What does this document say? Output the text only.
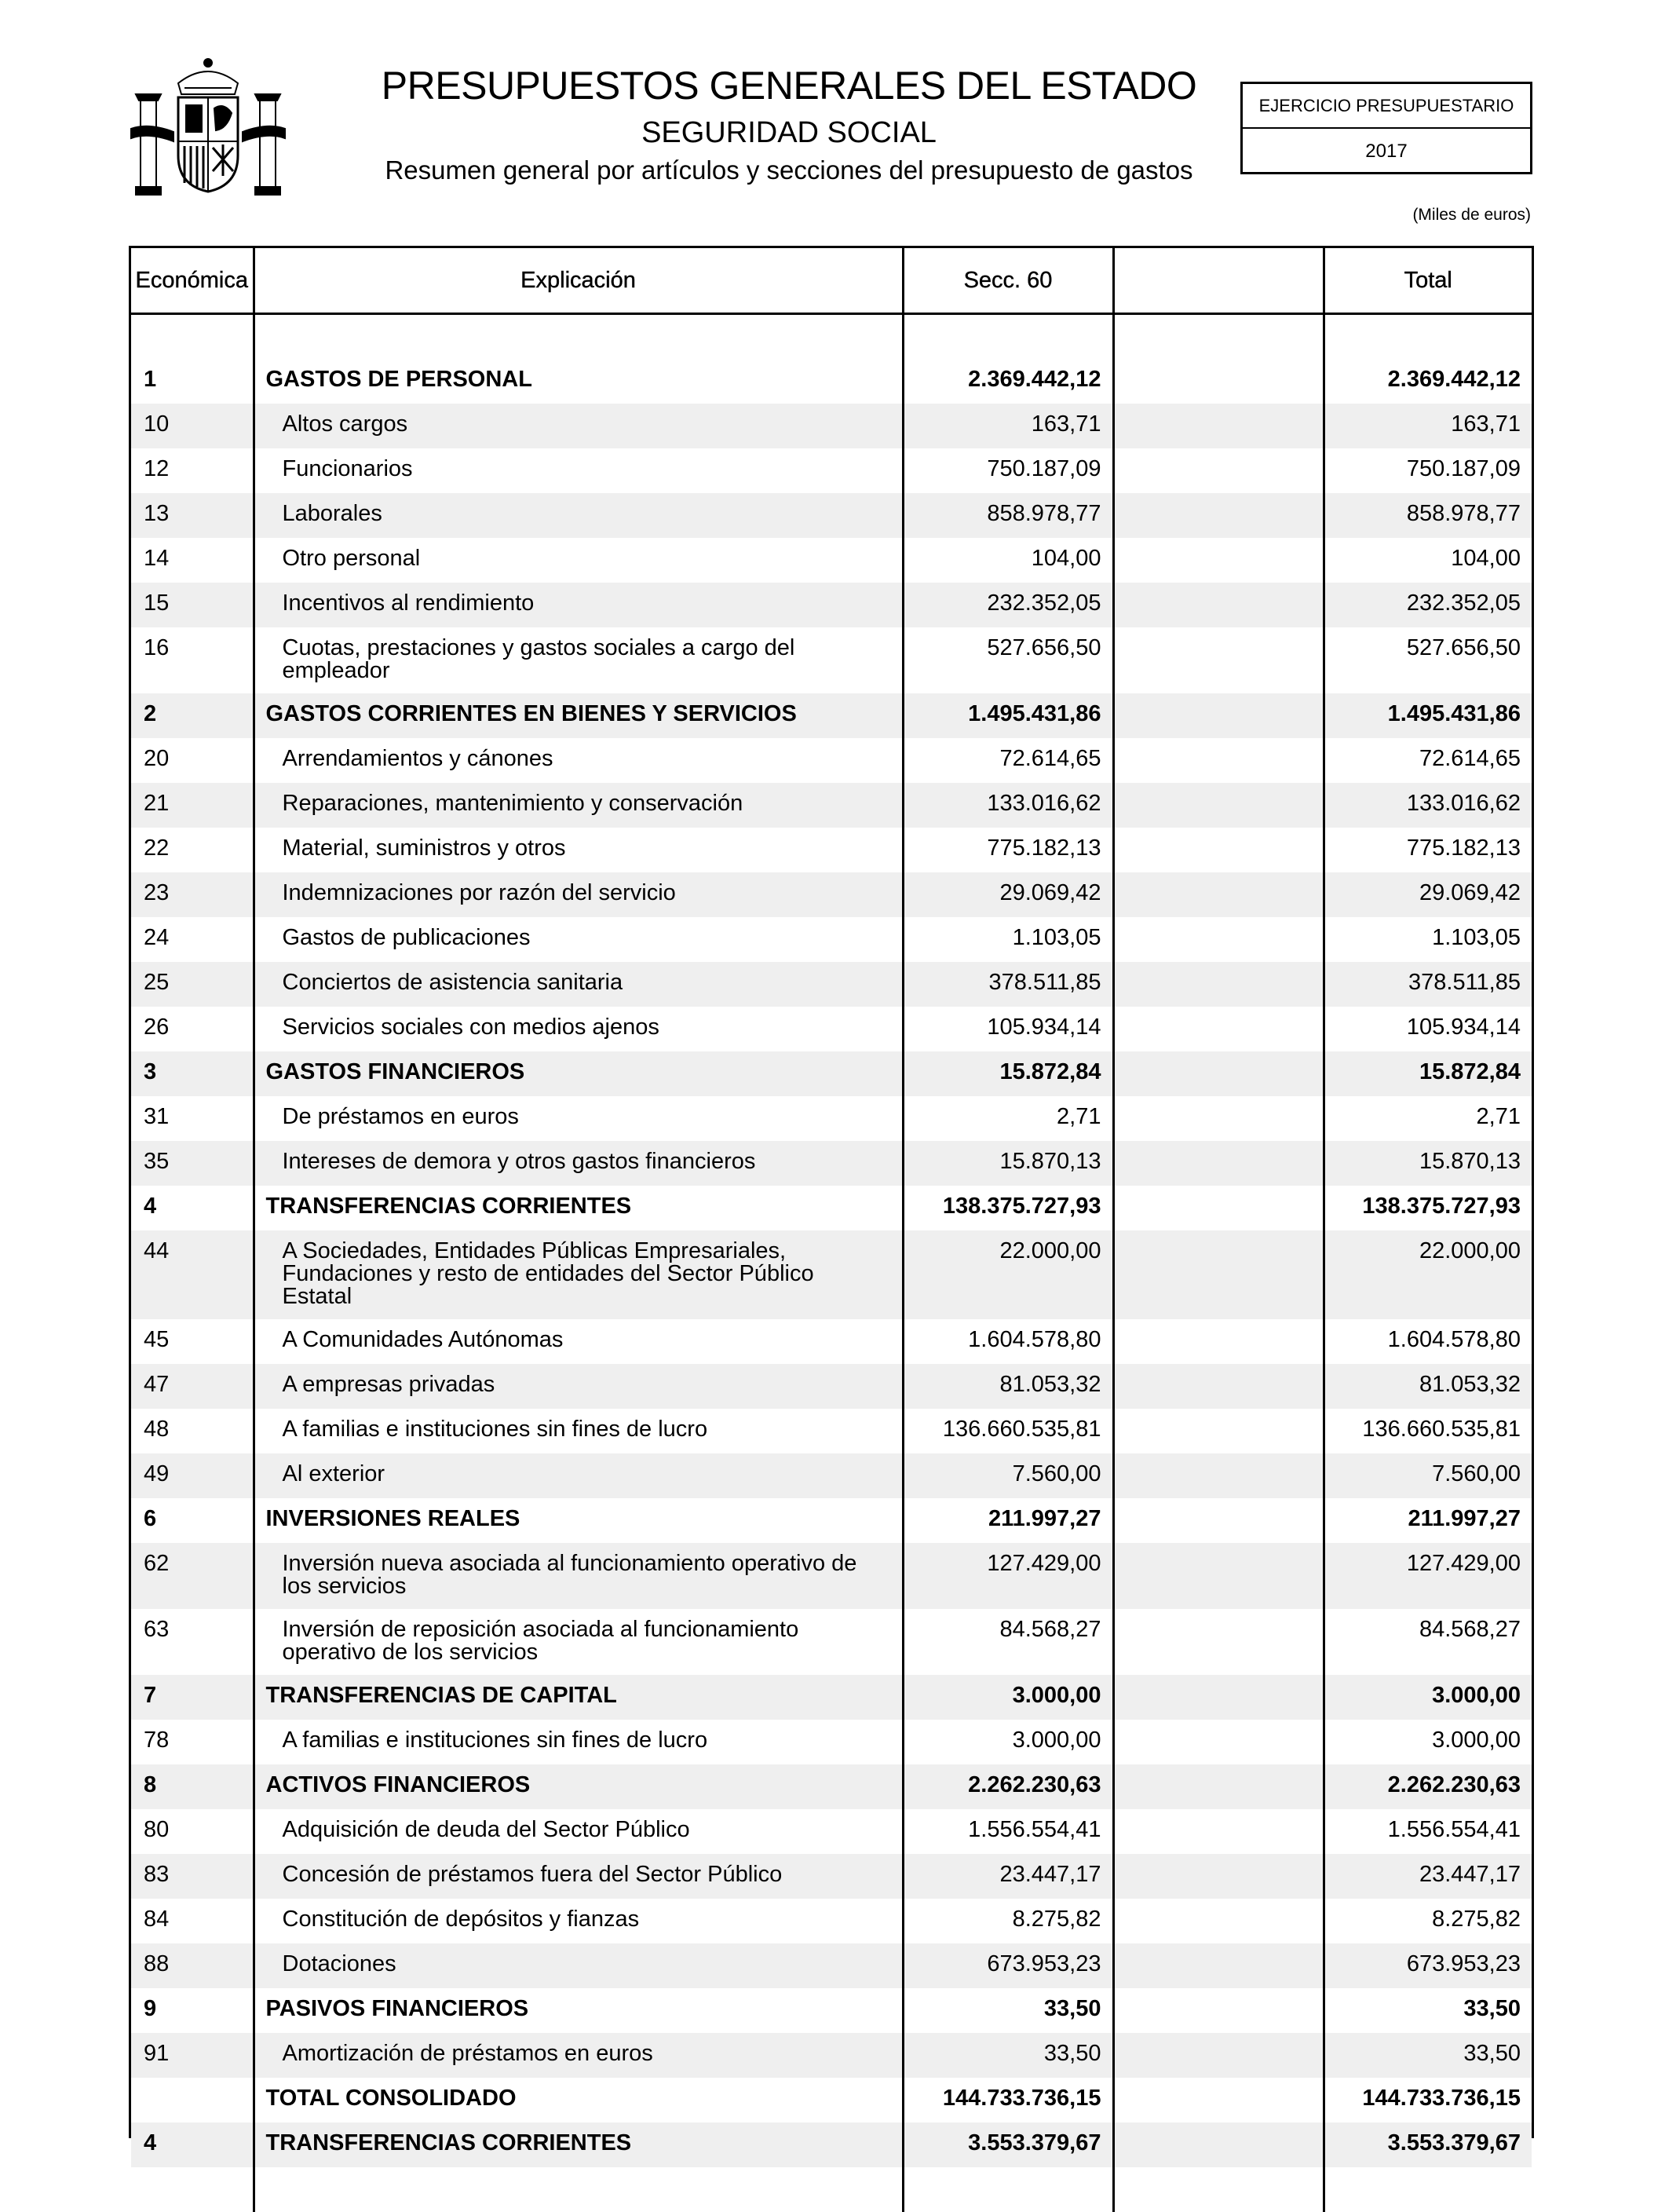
PRESUPUESTOS GENERALES DEL ESTADO
SEGURIDAD SOCIAL
Resumen general por artículos y secciones del presupuesto de gastos
EJERCICIO PRESUPUESTARIO
2017
(Miles de euros)
Económica	Explicación	Secc. 60		Total

1	GASTOS DE PERSONAL	2.369.442,12		2.369.442,12
10	Altos cargos	163,71		163,71
12	Funcionarios	750.187,09		750.187,09
13	Laborales	858.978,77		858.978,77
14	Otro personal	104,00		104,00
15	Incentivos al rendimiento	232.352,05		232.352,05
16	Cuotas, prestaciones y gastos sociales a cargo del
empleador	527.656,50		527.656,50
2	GASTOS CORRIENTES EN BIENES Y SERVICIOS	1.495.431,86		1.495.431,86
20	Arrendamientos y cánones	72.614,65		72.614,65
21	Reparaciones, mantenimiento y conservación	133.016,62		133.016,62
22	Material, suministros y otros	775.182,13		775.182,13
23	Indemnizaciones por razón del servicio	29.069,42		29.069,42
24	Gastos de publicaciones	1.103,05		1.103,05
25	Conciertos de asistencia sanitaria	378.511,85		378.511,85
26	Servicios sociales con medios ajenos	105.934,14		105.934,14
3	GASTOS FINANCIEROS	15.872,84		15.872,84
31	De préstamos en euros	2,71		2,71
35	Intereses de demora y otros gastos financieros	15.870,13		15.870,13
4	TRANSFERENCIAS CORRIENTES	138.375.727,93		138.375.727,93
44	A Sociedades, Entidades Públicas Empresariales,
Fundaciones y resto de entidades del Sector Público
Estatal	22.000,00		22.000,00
45	A Comunidades Autónomas	1.604.578,80		1.604.578,80
47	A empresas privadas	81.053,32		81.053,32
48	A familias e instituciones sin fines de lucro	136.660.535,81		136.660.535,81
49	Al exterior	7.560,00		7.560,00
6	INVERSIONES REALES	211.997,27		211.997,27
62	Inversión nueva asociada al funcionamiento operativo de
los servicios	127.429,00		127.429,00
63	Inversión de reposición asociada al funcionamiento
operativo de los servicios	84.568,27		84.568,27
7	TRANSFERENCIAS DE CAPITAL	3.000,00		3.000,00
78	A familias e instituciones sin fines de lucro	3.000,00		3.000,00
8	ACTIVOS FINANCIEROS	2.262.230,63		2.262.230,63
80	Adquisición de deuda del Sector Público	1.556.554,41		1.556.554,41
83	Concesión de préstamos fuera del Sector Público	23.447,17		23.447,17
84	Constitución de depósitos y fianzas	8.275,82		8.275,82
88	Dotaciones	673.953,23		673.953,23
9	PASIVOS FINANCIEROS	33,50		33,50
91	Amortización de préstamos en euros	33,50		33,50
	TOTAL CONSOLIDADO	144.733.736,15		144.733.736,15
4	TRANSFERENCIAS CORRIENTES	3.553.379,67		3.553.379,67
